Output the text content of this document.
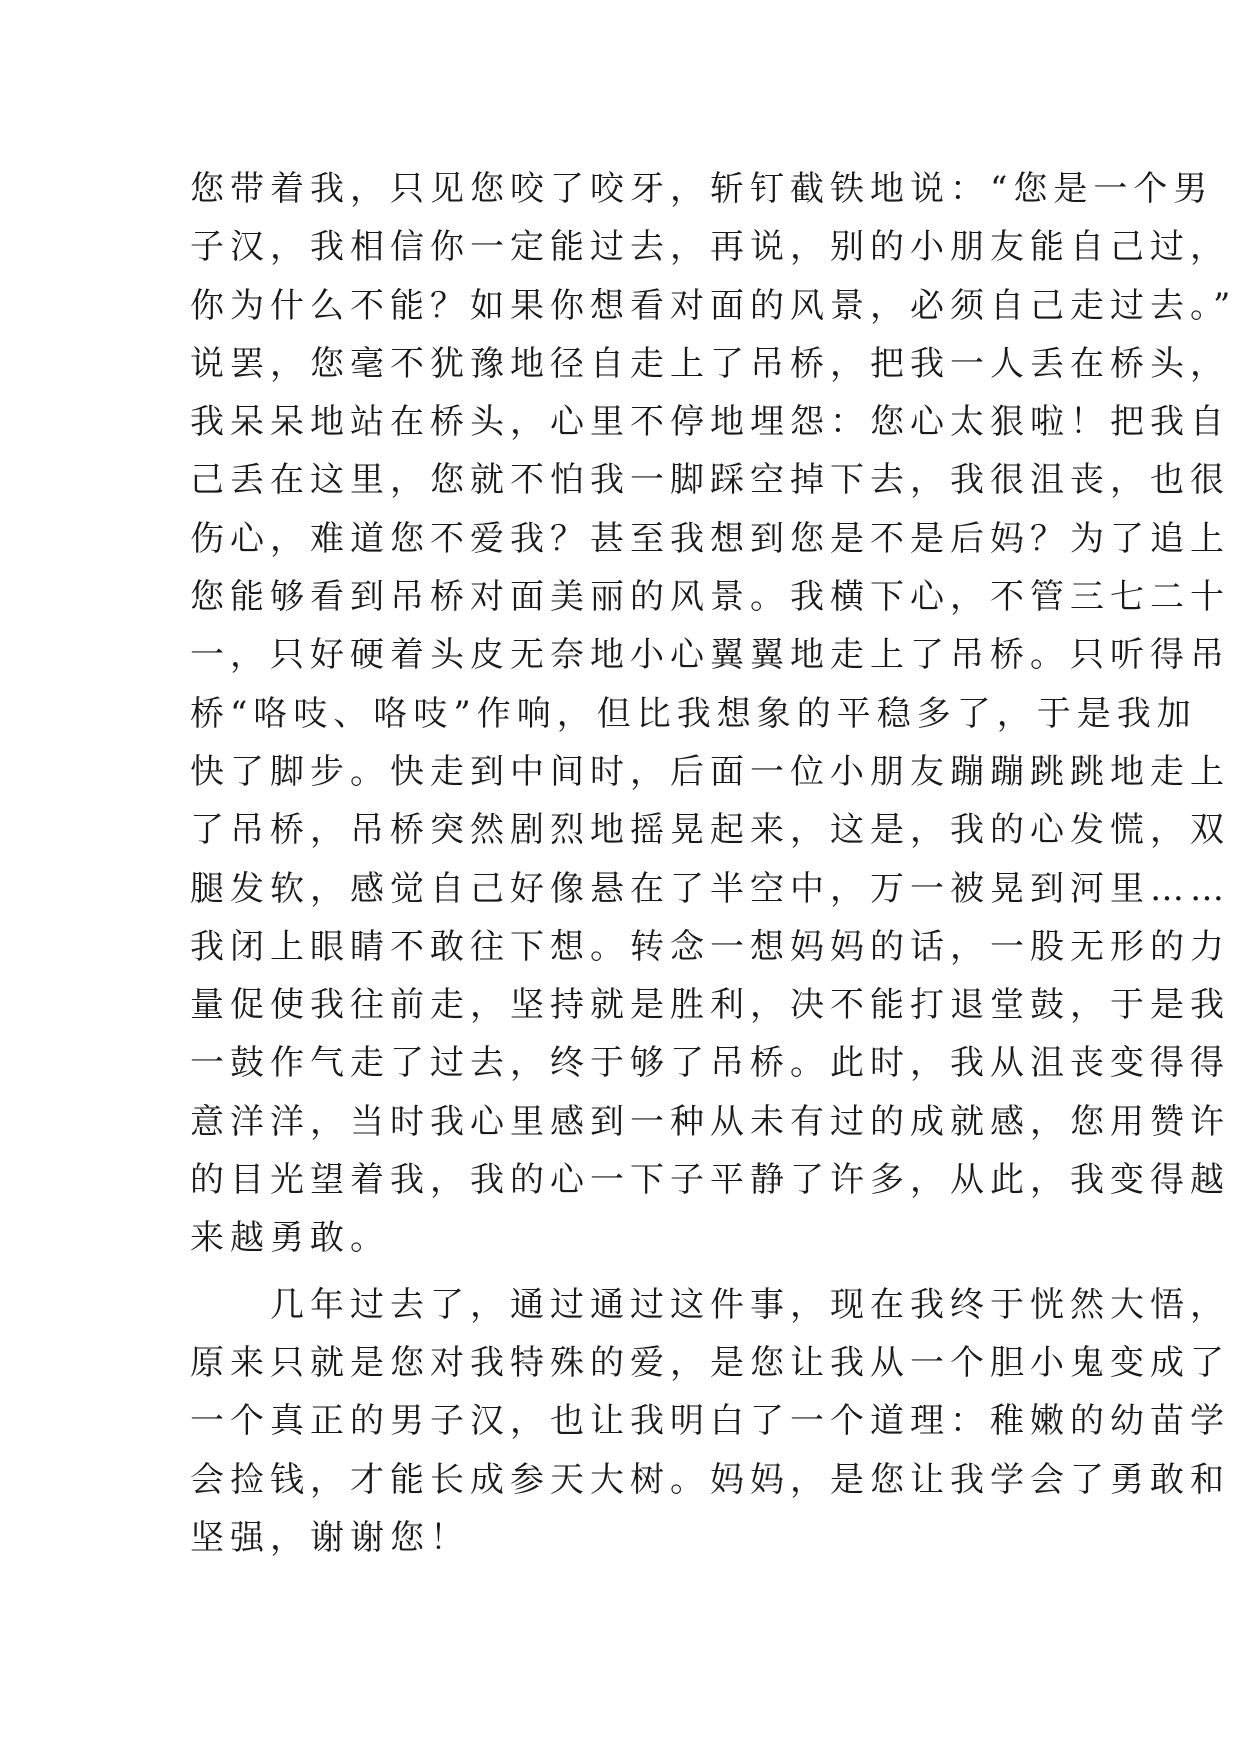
您带着我，只见您咬了咬牙，斩钉截铁地说：“您是一个男
子汉，我相信你一定能过去，再说，别的小朋友能自己过，
你为什么不能？如果你想看对面的风景，必须自己走过去。”
说罢，您毫不犹豫地径自走上了吊桥，把我一人丢在桥头，
我呆呆地站在桥头，心里不停地埋怨：您心太狠啦！把我自
己丢在这里，您就不怕我一脚踩空掉下去，我很沮丧，也很
伤心，难道您不爱我？甚至我想到您是不是后妈？为了追上
您能够看到吊桥对面美丽的风景。我横下心，不管三七二十
一，只好硬着头皮无奈地小心翼翼地走上了吊桥。只听得吊
桥“咯吱、咯吱”作响，但比我想象的平稳多了，于是我加
快了脚步。快走到中间时，后面一位小朋友蹦蹦跳跳地走上
了吊桥，吊桥突然剧烈地摇晃起来，这是，我的心发慌，双
腿发软，感觉自己好像悬在了半空中，万一被晃到河里……
我闭上眼睛不敢往下想。转念一想妈妈的话，一股无形的力
量促使我往前走，坚持就是胜利，决不能打退堂鼓，于是我
一鼓作气走了过去，终于够了吊桥。此时，我从沮丧变得得
意洋洋，当时我心里感到一种从未有过的成就感，您用赞许
的目光望着我，我的心一下子平静了许多，从此，我变得越
来越勇敢。
　　几年过去了，通过通过这件事，现在我终于恍然大悟，
原来只就是您对我特殊的爱，是您让我从一个胆小鬼变成了
一个真正的男子汉，也让我明白了一个道理：稚嫩的幼苗学
会捡钱，才能长成参天大树。妈妈，是您让我学会了勇敢和
坚强，谢谢您！
